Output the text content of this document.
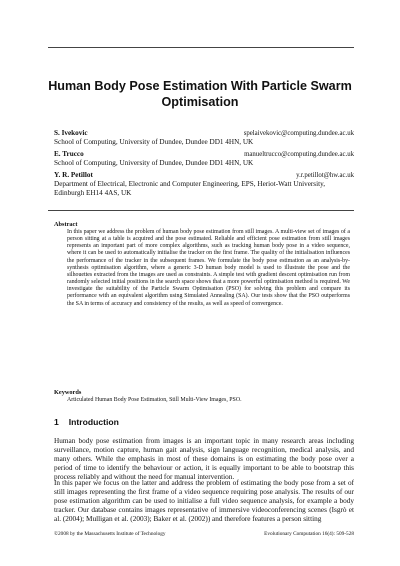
Human Body Pose Estimation With Particle Swarm Optimisation
S. Ivekovic	spelaivekovic@computing.dundee.ac.uk
School of Computing, University of Dundee, Dundee DD1 4HN, UK
E. Trucco	manueltrucco@computing.dundee.ac.uk
School of Computing, University of Dundee, Dundee DD1 4HN, UK
Y. R. Petillot	y.r.petillot@hw.ac.uk
Department of Electrical, Electronic and Computer Engineering, EPS, Heriot-Watt University, Edinburgh EH14 4AS, UK
Abstract
In this paper we address the problem of human body pose estimation from still images. A multi-view set of images of a person sitting at a table is acquired and the pose estimated. Reliable and efficient pose estimation from still images represents an important part of more complex algorithms, such as tracking human body pose in a video sequence, where it can be used to automatically initialise the tracker on the first frame. The quality of the initialisation influences the performance of the tracker in the subsequent frames. We formulate the body pose estimation as an analysis-by-synthesis optimisation algorithm, where a generic 3-D human body model is used to illustrate the pose and the silhouettes extracted from the images are used as constraints. A simple test with gradient descent optimisation run from randomly selected initial positions in the search space shows that a more powerful optimisation method is required. We investigate the suitability of the Particle Swarm Optimisation (PSO) for solving this problem and compare its performance with an equivalent algorithm using Simulated Annealing (SA). Our tests show that the PSO outperforms the SA in terms of accuracy and consistency of the results, as well as speed of convergence.
Keywords
Articulated Human Body Pose Estimation, Still Multi-View Images, PSO.
1 Introduction
Human body pose estimation from images is an important topic in many research areas including surveillance, motion capture, human gait analysis, sign language recognition, medical analysis, and many others. While the emphasis in most of these domains is on estimating the body pose over a period of time to identify the behaviour or action, it is equally important to be able to bootstrap this process reliably and without the need for manual intervention.
In this paper we focus on the latter and address the problem of estimating the body pose from a set of still images representing the first frame of a video sequence requiring pose analysis. The results of our pose estimation algorithm can be used to initialise a full video sequence analysis, for example a body tracker. Our database contains images representative of immersive videoconferencing scenes (Isgrò et al. (2004); Mulligan et al. (2003); Baker et al. (2002)) and therefore features a person sitting
©2008 by the Massachusetts Institute of Technology	Evolutionary Computation 16(4): 509-528
